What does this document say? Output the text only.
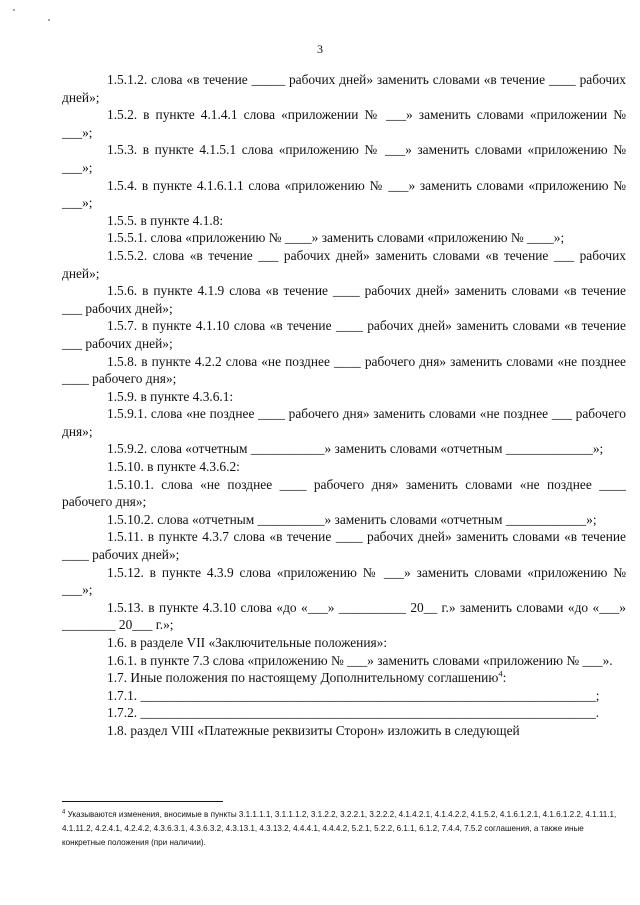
3

1.5.1.2. слова «в течение _____ рабочих дней» заменить словами «в течение ____ рабочих дней»;

1.5.2. в пункте 4.1.4.1 слова «приложении № ___» заменить словами «приложении № ___»;

1.5.3. в пункте 4.1.5.1 слова «приложению № ___» заменить словами «приложению № ___»;

1.5.4. в пункте 4.1.6.1.1 слова «приложению № ___» заменить словами «приложению № ___»;

1.5.5. в пункте 4.1.8:

1.5.5.1. слова «приложению № ____» заменить словами «приложению № ____»;

1.5.5.2. слова «в течение ___ рабочих дней» заменить словами «в течение ___ рабочих дней»;

1.5.6. в пункте 4.1.9 слова «в течение ____ рабочих дней» заменить словами «в течение ___ рабочих дней»;

1.5.7. в пункте 4.1.10 слова «в течение ____ рабочих дней» заменить словами «в течение ___ рабочих дней»;

1.5.8. в пункте 4.2.2 слова «не позднее ____ рабочего дня» заменить словами «не позднее ____ рабочего дня»;

1.5.9. в пункте 4.3.6.1:

1.5.9.1. слова «не позднее ____ рабочего дня» заменить словами «не позднее ___ рабочего дня»;

1.5.9.2. слова «отчетным ___________» заменить словами «отчетным _____________»;

1.5.10. в пункте 4.3.6.2:

1.5.10.1. слова «не позднее ____ рабочего дня» заменить словами «не позднее ____ рабочего дня»;

1.5.10.2. слова «отчетным __________» заменить словами «отчетным ____________»;

1.5.11. в пункте 4.3.7 слова «в течение ____ рабочих дней» заменить словами «в течение ____ рабочих дней»;

1.5.12. в пункте 4.3.9 слова «приложению № ___» заменить словами «приложению № ___»;

1.5.13. в пункте 4.3.10 слова «до «___» __________ 20__ г.» заменить словами «до «___» ________ 20___ г.»;

1.6. в разделе VII «Заключительные положения»:

1.6.1. в пункте 7.3 слова «приложению № ___» заменить словами «приложению № ___».

1.7. Иные положения по настоящему Дополнительному соглашению$^4$:

1.7.1. ____________________________________________________________________;

1.7.2. ____________________________________________________________________.

1.8. раздел VIII «Платежные реквизиты Сторон» изложить в следующей

$^4$ Указываются изменения, вносимые в пункты 3.1.1.1.1, 3.1.1.1.2, 3.1.2.2, 3.2.2.1, 3.2.2.2, 4.1.4.2.1, 4.1.4.2.2, 4.1.5.2, 4.1.6.1.2.1, 4.1.6.1.2.2, 4.1.11.1, 4.1.11.2, 4.2.4.1, 4.2.4.2, 4.3.6.3.1, 4.3.6.3.2, 4.3.13.1, 4.3.13.2, 4.4.4.1, 4.4.4.2, 5.2.1, 5.2.2, 6.1.1, 6.1.2, 7.4.4, 7.5.2 соглашения, а также иные конкретные положения (при наличии).
